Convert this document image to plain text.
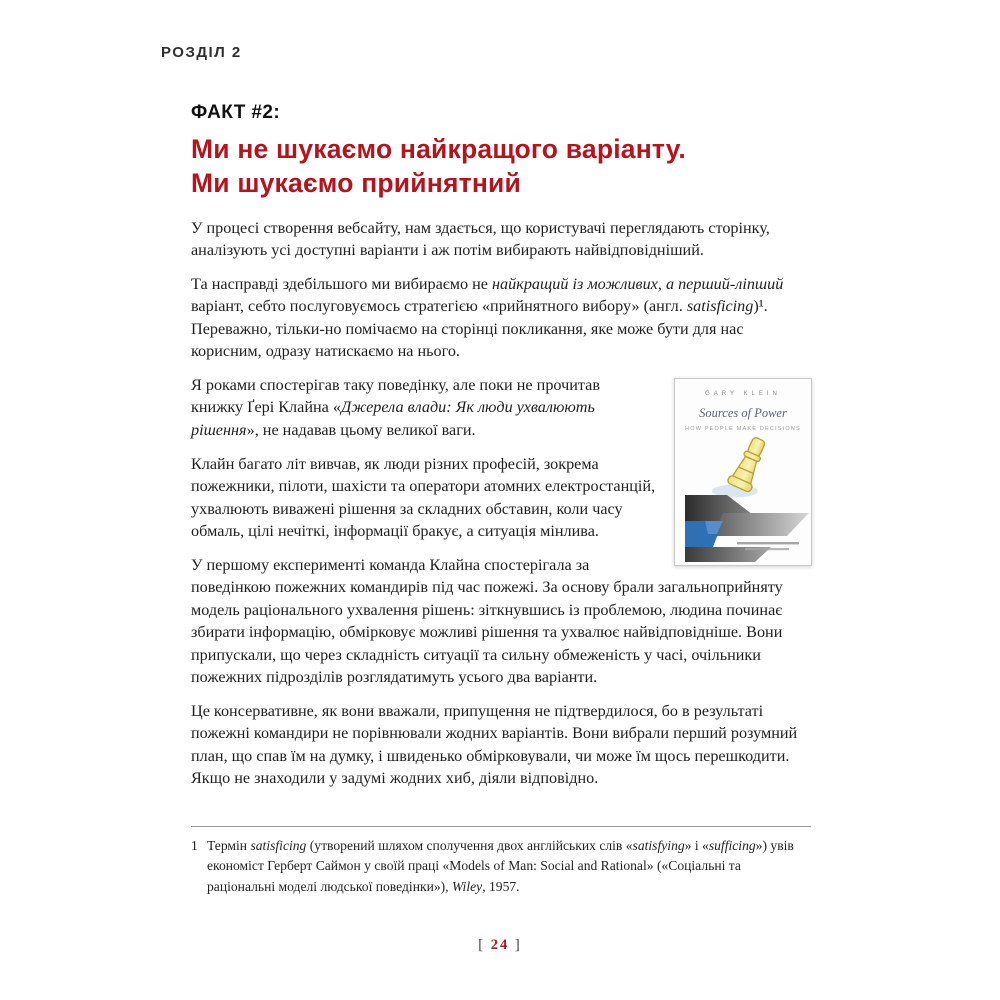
РОЗДІЛ 2
ФАКТ #2:
Ми не шукаємо найкращого варіанту.
Ми шукаємо прийнятний

У процесі створення вебсайту, нам здається, що користувачі переглядають сторінку, аналізують усі доступні варіанти і аж потім вибирають найвідповідніший.

Та насправді здебільшого ми вибираємо не найкращий із можливих, а перший-ліпший варіант, себто послуговуємось стратегією «прийнятного вибору» (англ. satisficing)¹. Переважно, тільки-но помічаємо на сторінці покликання, яке може бути для нас корисним, одразу натискаємо на нього.

GARY KLEIN
Sources of Power
HOW PEOPLE MAKE DECISIONS

Я роками спостерігав таку поведінку, але поки не прочитав книжку Ґері Клайна «Джерела влади: Як люди ухвалюють рішення», не надавав цьому великої ваги.

Клайн багато літ вивчав, як люди різних професій, зокрема пожежники, пілоти, шахісти та оператори атомних електростанцій, ухвалюють виважені рішення за складних обставин, коли часу обмаль, цілі нечіткі, інформації бракує, а ситуація мінлива.

У першому експерименті команда Клайна спостерігала за поведінкою пожежних командирів під час пожежі. За основу брали загальноприйняту модель раціонального ухвалення рішень: зіткнувшись із проблемою, людина починає збирати інформацію, обмірковує можливі рішення та ухвалює найвідповідніше. Вони припускали, що через складність ситуації та сильну обмеженість у часі, очільники пожежних підрозділів розглядатимуть усього два варіанти.

Це консервативне, як вони вважали, припущення не підтвердилося, бо в результаті пожежні командири не порівнювали жодних варіантів. Вони вибрали перший розумний план, що спав їм на думку, і швиденько обмірковували, чи може їм щось перешкодити. Якщо не знаходили у задумі жодних хиб, діяли відповідно.

1 Термін satisficing (утворений шляхом сполучення двох англійських слів «satisfying» і «sufficing») увів економіст Герберт Саймон у своїй праці «Models of Man: Social and Rational» («Соціальні та раціональні моделі людської поведінки»), Wiley, 1957.
[ 24 ]
